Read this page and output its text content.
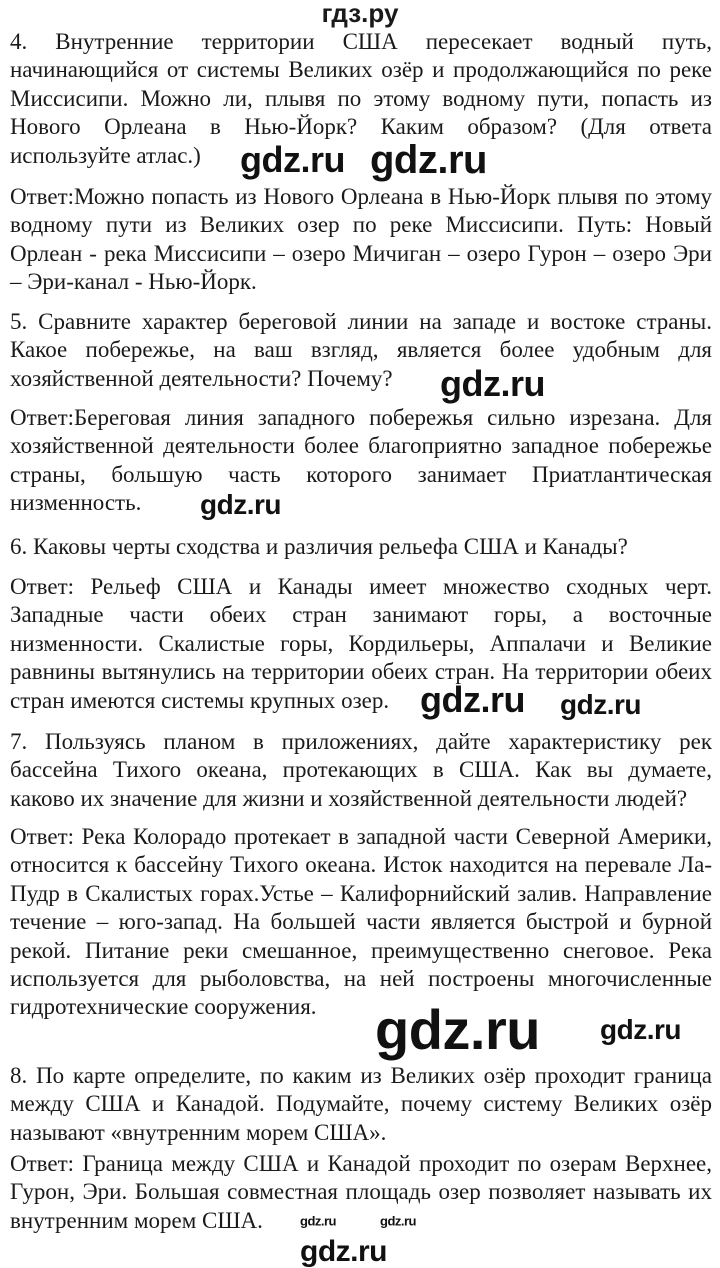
гдз.ру
4. Внутренние территории США пересекает водный путь,
начинающийся от системы Великих озёр и продолжающийся по реке
Миссисипи. Можно ли, плывя по этому водному пути, попасть из
Нового Орлеана в Нью-Йорк? Каким образом? (Для ответа
используйте атлас.)
Ответ:Можно попасть из Нового Орлеана в Нью-Йорк плывя по этому
водному пути из Великих озер по реке Миссисипи. Путь: Новый
Орлеан - река Миссисипи – озеро Мичиган – озеро Гурон – озеро Эри
– Эри-канал - Нью-Йорк.
5. Сравните характер береговой линии на западе и востоке страны.
Какое побережье, на ваш взгляд, является более удобным для
хозяйственной деятельности? Почему?
Ответ:Береговая линия западного побережья сильно изрезана. Для
хозяйственной деятельности более благоприятно западное побережье
страны, большую часть которого занимает Приатлантическая
низменность.
6. Каковы черты сходства и различия рельефа США и Канады?
Ответ: Рельеф США и Канады имеет множество сходных черт.
Западные части обеих стран занимают горы, а восточные
низменности. Скалистые горы, Кордильеры, Аппалачи и Великие
равнины вытянулись на территории обеих стран. На территории обеих
стран имеются системы крупных озер.
7. Пользуясь планом в приложениях, дайте характеристику рек
бассейна Тихого океана, протекающих в США. Как вы думаете,
каково их значение для жизни и хозяйственной деятельности людей?
Ответ: Река Колорадо протекает в западной части Северной Америки,
относится к бассейну Тихого океана. Исток находится на перевале Ла-
Пудр в Скалистых горах.Устье – Калифорнийский залив. Направление
течение – юго-запад. На большей части является быстрой и бурной
рекой. Питание реки смешанное, преимущественно снеговое. Река
используется для рыболовства, на ней построены многочисленные
гидротехнические сооружения.
8. По карте определите, по каким из Великих озёр проходит граница
между США и Канадой. Подумайте, почему систему Великих озёр
называют «внутренним морем США».
Ответ: Граница между США и Канадой проходит по озерам Верхнее,
Гурон, Эри. Большая совместная площадь озер позволяет называть их
внутренним морем США.
gdz.ru gdz.ru
gdz.ru
gdz.ru
gdz.ru gdz.ru
gdz.ru gdz.ru
gdz.ru	gdz.ru
gdz.ru
